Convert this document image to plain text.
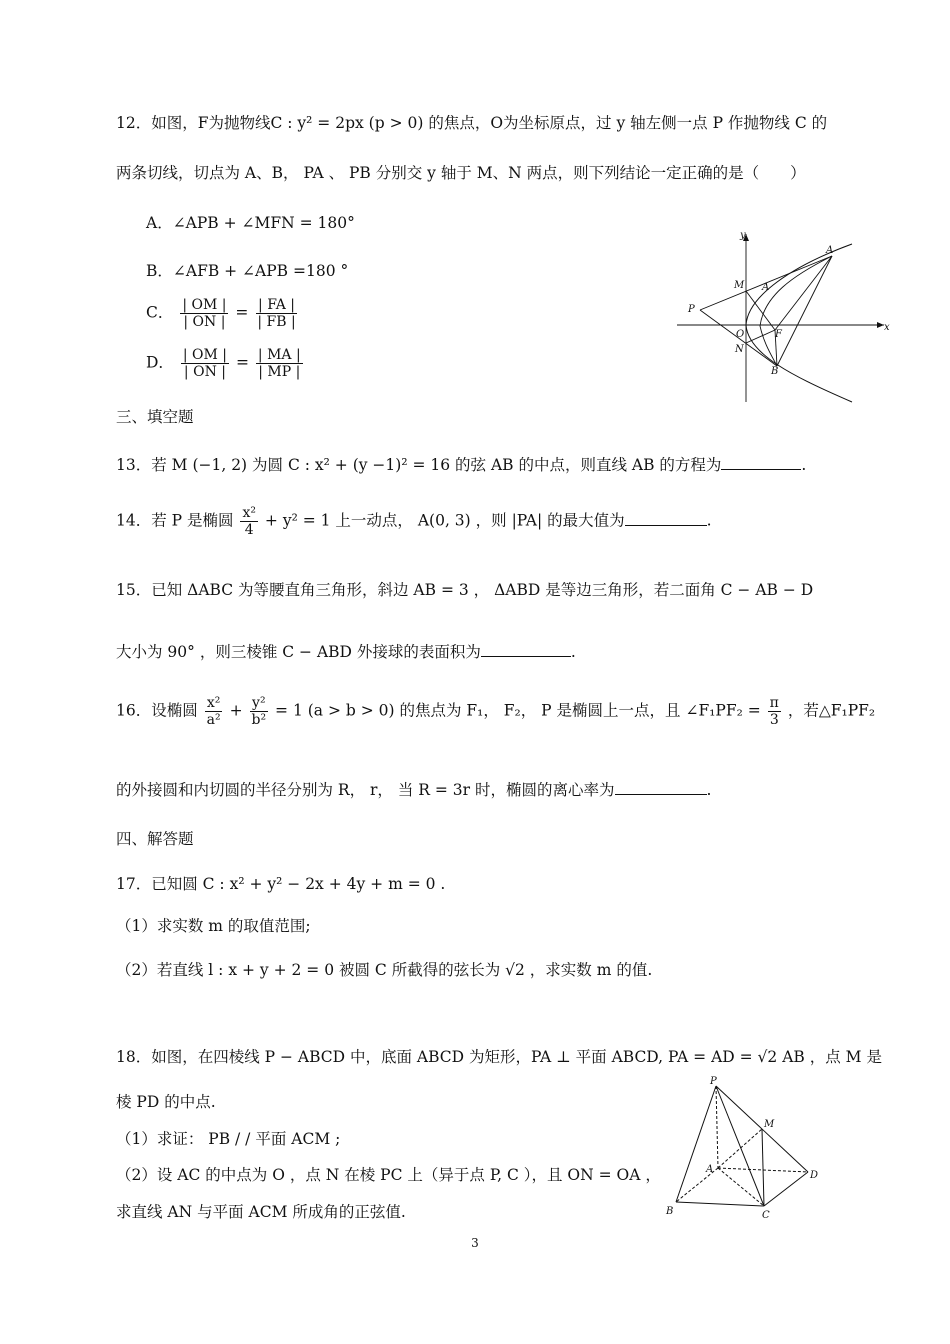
12．如图，F为抛物线C : y² = 2px (p > 0) 的焦点，O为坐标原点，过 y 轴左侧一点 P 作抛物线 C 的
两条切线，切点为 A、B， PA 、 PB 分别交 y 轴于 M、N 两点，则下列结论一定正确的是（　　）
A．∠APB + ∠MFN = 180°
B．∠AFB + ∠APB =180 °
C． $\frac{| OM |}{| ON |} = \frac{| FA |}{| FB |}$
D． $\frac{| OM |}{| ON |} = \frac{| MA |}{| MP |}$
y
x
A
A
M
P
O
N
F
B
三、填空题
13．若 M (−1, 2) 为圆 C : x² + (y −1)² = 16 的弦 AB 的中点，则直线 AB 的方程为	.
14．若 P 是椭圆 $\frac{\text{x²}}{4} + y^2 = 1$ 上一动点， A(0, 3) ，则 |PA| 的最大值为	.
15．已知 ΔABC 为等腰直角三角形，斜边 AB = 3 ， ΔABD 是等边三角形，若二面角 C − AB − D
大小为 90° ，则三棱锥 C − ABD 外接球的表面积为	.
16．设椭圆 $\frac{\text{x²}}{\text{a²}} + \frac{\text{y²}}{\text{b²}} = 1$ (a > b > 0) 的焦点为 F₁， F₂， P 是椭圆上一点，且 ∠F₁PF₂ = $\frac{\pi}{3}$ ，若△F₁PF₂
的外接圆和内切圆的半径分别为 R， r， 当 R = 3r 时，椭圆的离心率为	.
四、解答题
17．已知圆 C : x² + y² − 2x + 4y + m = 0 .
（1）求实数 m 的取值范围;
（2）若直线 l : x + y + 2 = 0 被圆 C 所截得的弦长为 √2 ，求实数 m 的值.
18．如图，在四棱线 P − ABCD 中，底面 ABCD 为矩形，PA ⊥ 平面 ABCD, PA = AD = √2 AB ，点 M 是
棱 PD 的中点.
（1）求证： PB / / 平面 ACM ;
（2）设 AC 的中点为 O ，点 N 在棱 PC 上（异于点 P, C ），且 ON = OA ，
求直线 AN 与平面 ACM 所成角的正弦值.
P
M
A
D
B	C
3
